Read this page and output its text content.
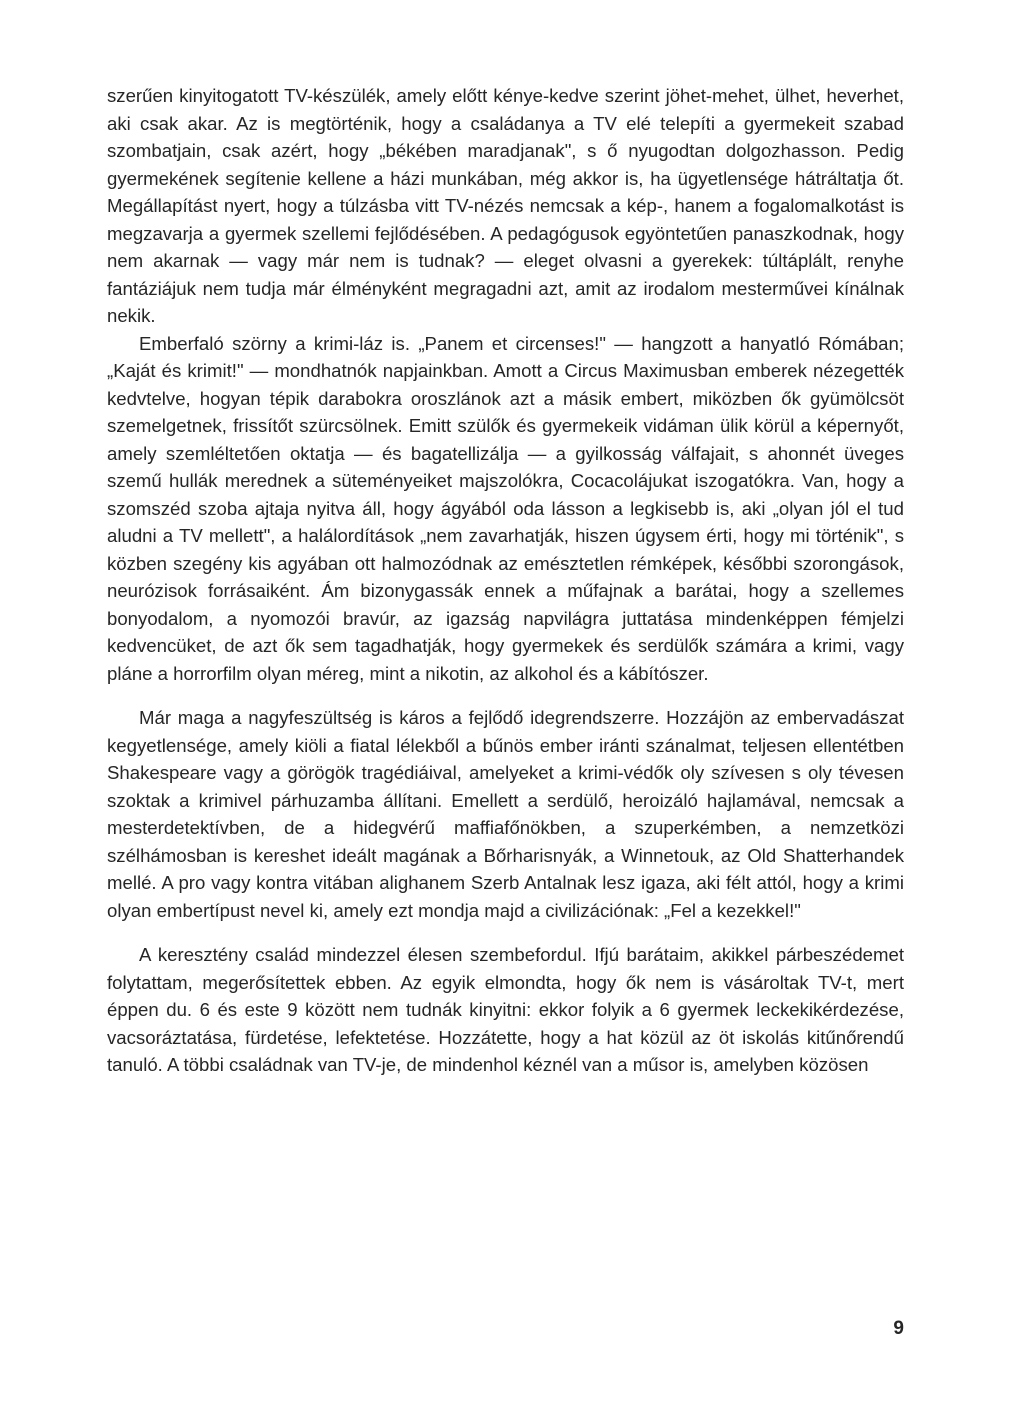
szerűen kinyitogatott TV-készülék, amely előtt kénye-kedve szerint jöhet-mehet, ülhet, heverhet, aki csak akar. Az is megtörténik, hogy a családanya a TV elé telepíti a gyermekeit szabad szombatjain, csak azért, hogy „békében maradjanak", s ő nyugodtan dolgozhasson. Pedig gyermekének segítenie kellene a házi munkában, még akkor is, ha ügyetlensége hátráltatja őt. Megállapítást nyert, hogy a túlzásba vitt TV-nézés nemcsak a kép-, hanem a fogalomalkotást is megzavarja a gyermek szellemi fejlődésében. A pedagógusok egyöntetűen panaszkodnak, hogy nem akarnak — vagy már nem is tudnak? — eleget olvasni a gyerekek: túltáplált, renyhe fantáziájuk nem tudja már élményként megragadni azt, amit az irodalom mesterművei kínálnak nekik.

Emberfaló szörny a krimi-láz is. „Panem et circenses!" — hangzott a hanyatló Rómában; „Kaját és krimit!" — mondhatnók napjainkban. Amott a Circus Maximusban emberek nézegették kedvtelve, hogyan tépik darabokra oroszlánok azt a másik embert, miközben ők gyümölcsöt szemelgetnek, frissítőt szürcsölnek. Emitt szülők és gyermekeik vidáman ülik körül a képernyőt, amely szemléltetően oktatja — és bagatellizálja — a gyilkosság válfajait, s ahonnét üveges szemű hullák merednek a süteményeiket majszolókra, Cocacolájukat iszogatókra. Van, hogy a szomszéd szoba ajtaja nyitva áll, hogy ágyából oda lásson a legkisebb is, aki „olyan jól el tud aludni a TV mellett", a halálordítások „nem zavarhatják, hiszen úgysem érti, hogy mi történik", s közben szegény kis agyában ott halmozódnak az emésztetlen rémképek, későbbi szorongások, neurózisok forrásaiként. Ám bizonygassák ennek a műfajnak a barátai, hogy a szellemes bonyodalom, a nyomozói bravúr, az igazság napvilágra juttatása mindenképpen fémjelzi kedvencüket, de azt ők sem tagadhatják, hogy gyermekek és serdülők számára a krimi, vagy pláne a horrorfilm olyan méreg, mint a nikotin, az alkohol és a kábítószer.

Már maga a nagyfeszültség is káros a fejlődő idegrendszerre. Hozzájön az embervadászat kegyetlensége, amely kiöli a fiatal lélekből a bűnös ember iránti szánalmat, teljesen ellentétben Shakespeare vagy a görögök tragédiáival, amelyeket a krimi-védők oly szívesen s oly tévesen szoktak a krimivel párhuzamba állítani. Emellett a serdülő, heroizáló hajlamával, nemcsak a mesterdetektívben, de a hidegvérű maffiafőnökben, a szuperkémben, a nemzetközi szélhámosban is kereshet ideált magának a Bőrharisnyák, a Winnetouk, az Old Shatterhandek mellé. A pro vagy kontra vitában alighanem Szerb Antalnak lesz igaza, aki félt attól, hogy a krimi olyan embertípust nevel ki, amely ezt mondja majd a civilizációnak: „Fel a kezekkel!"

A keresztény család mindezzel élesen szembefordul. Ifjú barátaim, akikkel párbeszédemet folytattam, megerősítettek ebben. Az egyik elmondta, hogy ők nem is vásároltak TV-t, mert éppen du. 6 és este 9 között nem tudnák kinyitni: ekkor folyik a 6 gyermek leckekikérdezése, vacsoráztatása, fürdetése, lefektetése. Hozzátette, hogy a hat közül az öt iskolás kitűnőrendű tanuló. A többi családnak van TV-je, de mindenhol kéznél van a műsor is, amelyben közösen

9
